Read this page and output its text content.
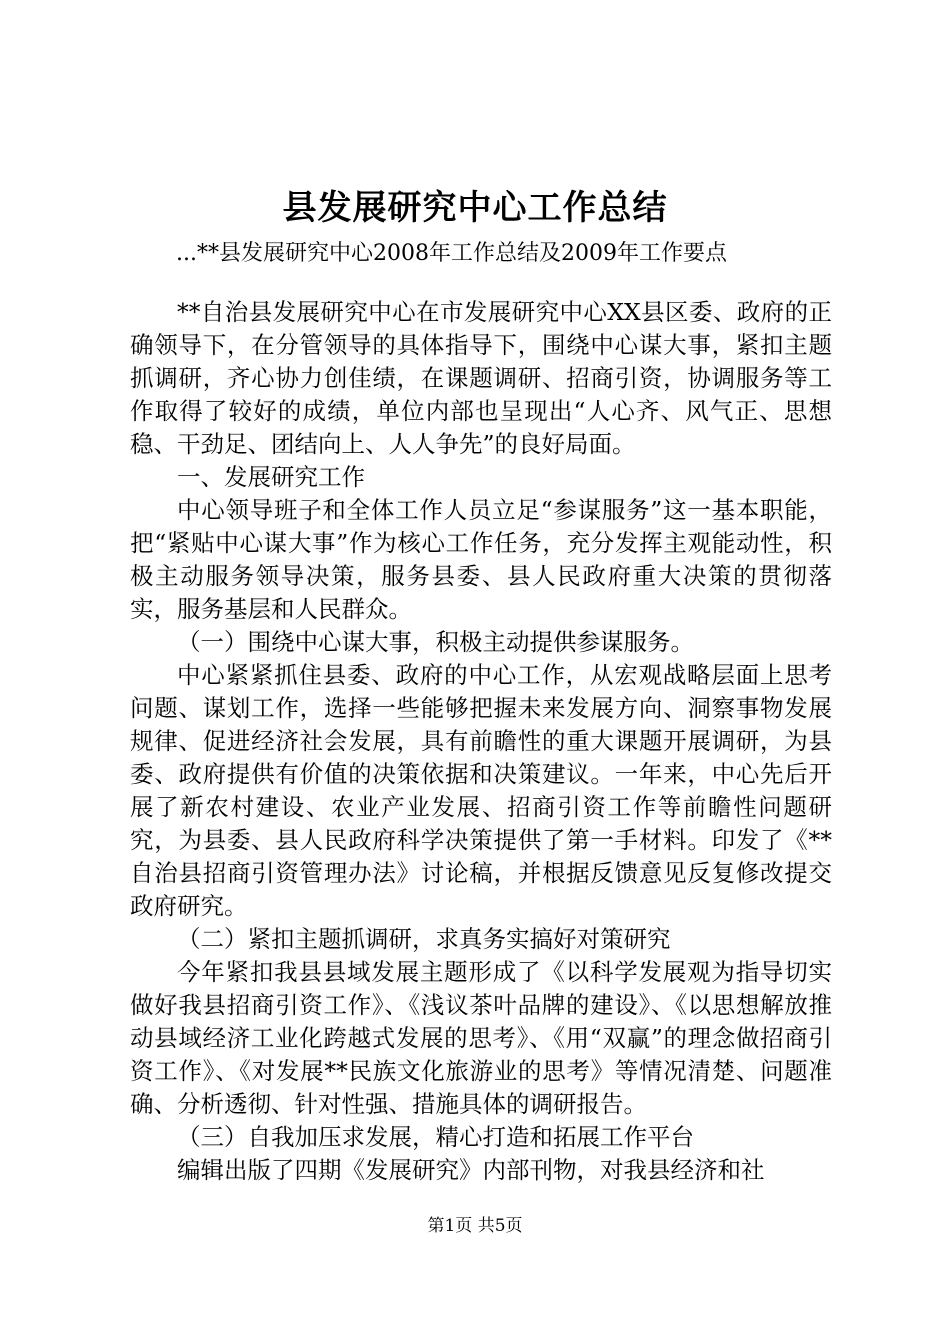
县发展研究中心工作总结
...**县发展研究中心2008年工作总结及2009年工作要点

**自治县发展研究中心在市发展研究中心XX县区委、政府的正确领导下，在分管领导的具体指导下，围绕中心谋大事，紧扣主题抓调研，齐心协力创佳绩，在课题调研、招商引资，协调服务等工作取得了较好的成绩，单位内部也呈现出“人心齐、风气正、思想稳、干劲足、团结向上、人人争先”的良好局面。

一、发展研究工作

中心领导班子和全体工作人员立足“参谋服务”这一基本职能，把“紧贴中心谋大事”作为核心工作任务，充分发挥主观能动性，积极主动服务领导决策，服务县委、县人民政府重大决策的贯彻落实，服务基层和人民群众。

（一）围绕中心谋大事，积极主动提供参谋服务。

中心紧紧抓住县委、政府的中心工作，从宏观战略层面上思考问题、谋划工作，选择一些能够把握未来发展方向、洞察事物发展规律、促进经济社会发展，具有前瞻性的重大课题开展调研，为县委、政府提供有价值的决策依据和决策建议。一年来，中心先后开展了新农村建设、农业产业发展、招商引资工作等前瞻性问题研究，为县委、县人民政府科学决策提供了第一手材料。印发了《**自治县招商引资管理办法》讨论稿，并根据反馈意见反复修改提交政府研究。

（二）紧扣主题抓调研，求真务实搞好对策研究

今年紧扣我县县域发展主题形成了《以科学发展观为指导切实做好我县招商引资工作》、《浅议茶叶品牌的建设》、《以思想解放推动县域经济工业化跨越式发展的思考》、《用“双赢”的理念做招商引资工作》、《对发展**民族文化旅游业的思考》等情况清楚、问题准确、分析透彻、针对性强、措施具体的调研报告。

（三）自我加压求发展，精心打造和拓展工作平台

编辑出版了四期《发展研究》内部刊物，对我县经济和社

第1页 共5页
